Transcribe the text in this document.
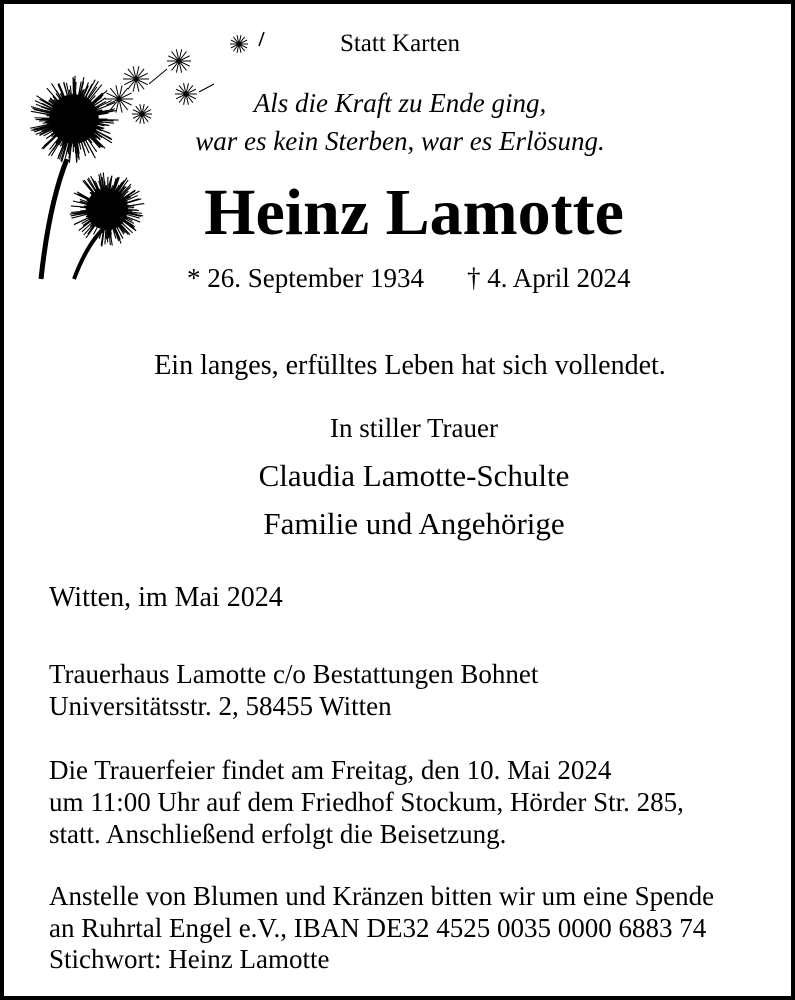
Statt Karten
Als die Kraft zu Ende ging,
war es kein Sterben, war es Erlösung.
Heinz Lamotte
* 26. September 1934 † 4. April 2024
Ein langes, erfülltes Leben hat sich vollendet.
In stiller Trauer
Claudia Lamotte-Schulte
Familie und Angehörige
Witten, im Mai 2024
Trauerhaus Lamotte c/o Bestattungen Bohnet
Universitätsstr. 2, 58455 Witten
Die Trauerfeier findet am Freitag, den 10. Mai 2024
um 11:00 Uhr auf dem Friedhof Stockum, Hörder Str. 285,
statt. Anschließend erfolgt die Beisetzung.
Anstelle von Blumen und Kränzen bitten wir um eine Spende
an Ruhrtal Engel e.V., IBAN DE32 4525 0035 0000 6883 74
Stichwort: Heinz Lamotte
